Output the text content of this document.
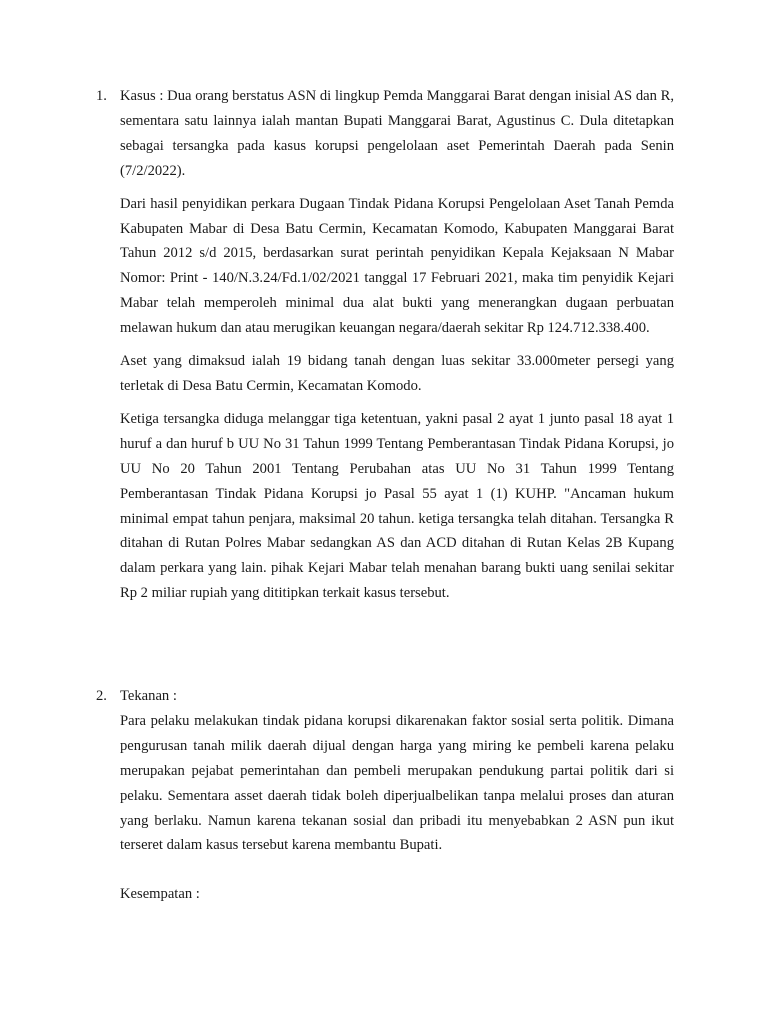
1. Kasus : Dua orang berstatus ASN di lingkup Pemda Manggarai Barat dengan inisial AS dan R, sementara satu lainnya ialah mantan Bupati Manggarai Barat, Agustinus C. Dula ditetapkan sebagai tersangka pada kasus korupsi pengelolaan aset Pemerintah Daerah pada Senin (7/2/2022).

Dari hasil penyidikan perkara Dugaan Tindak Pidana Korupsi Pengelolaan Aset Tanah Pemda Kabupaten Mabar di Desa Batu Cermin, Kecamatan Komodo, Kabupaten Manggarai Barat Tahun 2012 s/d 2015, berdasarkan surat perintah penyidikan Kepala Kejaksaan N Mabar Nomor: Print - 140/N.3.24/Fd.1/02/2021 tanggal 17 Februari 2021, maka tim penyidik Kejari Mabar telah memperoleh minimal dua alat bukti yang menerangkan dugaan perbuatan melawan hukum dan atau merugikan keuangan negara/daerah sekitar Rp 124.712.338.400.

Aset yang dimaksud ialah 19 bidang tanah dengan luas sekitar 33.000meter persegi yang terletak di Desa Batu Cermin, Kecamatan Komodo.

Ketiga tersangka diduga melanggar tiga ketentuan, yakni pasal 2 ayat 1 junto pasal 18 ayat 1 huruf a dan huruf b UU No 31 Tahun 1999 Tentang Pemberantasan Tindak Pidana Korupsi, jo UU No 20 Tahun 2001 Tentang Perubahan atas UU No 31 Tahun 1999 Tentang Pemberantasan Tindak Pidana Korupsi jo Pasal 55 ayat 1 (1) KUHP. "Ancaman hukum minimal empat tahun penjara, maksimal 20 tahun. ketiga tersangka telah ditahan. Tersangka R ditahan di Rutan Polres Mabar sedangkan AS dan ACD ditahan di Rutan Kelas 2B Kupang dalam perkara yang lain. pihak Kejari Mabar telah menahan barang bukti uang senilai sekitar Rp 2 miliar rupiah yang dititipkan terkait kasus tersebut.

2. Tekanan :

Para pelaku melakukan tindak pidana korupsi dikarenakan faktor sosial serta politik. Dimana pengurusan tanah milik daerah dijual dengan harga yang miring ke pembeli karena pelaku merupakan pejabat pemerintahan dan pembeli merupakan pendukung partai politik dari si pelaku. Sementara asset daerah tidak boleh diperjualbelikan tanpa melalui proses dan aturan yang berlaku. Namun karena tekanan sosial dan pribadi itu menyebabkan 2 ASN pun ikut terseret dalam kasus tersebut karena membantu Bupati.

Kesempatan :
